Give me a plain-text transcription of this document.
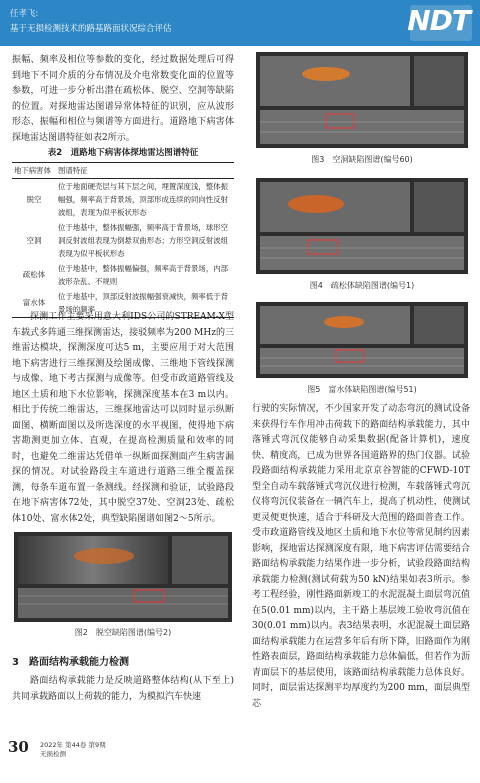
任孝飞:
基于无损检测技术的路基路面状况综合评估	NDT

振幅、频率及相位等参数的变化，经过数据处理后可得到地下不同介质的分布情况及介电常数变化面的位置等参数，可进一步分析出潜在疏松体、脱空、空洞等缺陷的位置。对探地雷达图谱异常体特征的识别，应从波形形态、振幅和相位与频谱等方面进行。道路地下病害体探地雷达图谱特征如表2所示。

表2　道路地下病害体探地雷达图谱特征

地下病害体	图谱特征
脱空	位于地面硬壳层与其下层之间，埋置深度浅，整体振幅强，频率高于背景场，顶部形成连续的同向性反射波组，表现为似平板状形态
空洞	位于地基中，整体振幅强，频率高于背景场，球形空洞反射波组表现为倒悬双曲形态；方形空洞反射波组表现为似平板状形态
疏松体	位于地基中，整体振幅偏强，频率高于背景场，内部波形杂乱、不规则
富水体	位于地基中，顶部反射波振幅强衰减快，频率低于背景场的频率

探测工作主要采用意大利IDS公司的STREAM-X型车载式多阵通三维探测雷达，接驳频率为200 MHz的三维雷达模块，探测深度可达5 m，主要应用于对大范围地下病害进行三维探测及绘图成像、三维地下管线探测与成像、地下考古探测与成像等。但受市政道路管线及地区土质和地下水位影响，探测深度基本在3 m以内。相比于传统二维雷达，三维探地雷达可以同时显示纵断面图、横断面图以及所选深度的水平视图，使得地下病害勘测更加立体、直观，在提高检测质量和效率的同时，也避免二维雷达凭借单一纵断面探测面产生病害漏探的情况。对试验路段主车道进行道路三维全覆盖探测，每条车道布置一条测线。经探测和验证，试验路段在地下病害体72处，其中脱空37处、空洞23处、疏松体10处、富水体2处，典型缺陷图谱如图2～5所示。

图2　脱空缺陷图谱(编号2)
3　路面结构承载能力检测

路面结构承载能力是反映道路整体结构(从下至上)共同承载路面以上荷载的能力，为模拟汽车快速

图3　空洞缺陷图谱(编号60)
图4　疏松体缺陷图谱(编号1)
图5　富水体缺陷图谱(编号51)

行驶的实际情况，不少国家开发了动态弯沉的测试设备来获得行车作用冲击荷载下的路面结构承载能力，其中落锤式弯沉仪能够自动采集数据(配备计算机)，速度快、精度高，已成为世界各国道路界的热门仪器。试验段路面结构承载能力采用北京京谷智能的CFWD-10T型全自动车载落锤式弯沉仪进行检测，车载落锤式弯沉仪将弯沉仪装备在一辆汽车上，提高了机动性，使测试更灵便更快速，适合于科研及大范围的路面普查工作。受市政道路管线及地区土质和地下水位等常见制约因素影响，探地雷达探测深度有限，地下病害评估需要结合路面结构承载能力结果作进一步分析，试验段路面结构承载能力检测(测试荷载为50 kN)结果如表3所示。参考工程经验，刚性路面新竣工的水泥混凝土面层弯沉值在5(0.01 mm)以内，主干路上基层竣工验收弯沉值在30(0.01 mm)以内。表3结果表明，水泥混凝土面层路面结构承载能力在运营多年后有所下降，旧路面作为刚性路表面层，路面结构承载能力总体偏低，但若作为沥青面层下的基层使用，该路面结构承载能力总体良好。同时，面层雷达探测平均厚度约为200 mm，面层典型芯

30 2022年 第44卷 第9期
无损检测
